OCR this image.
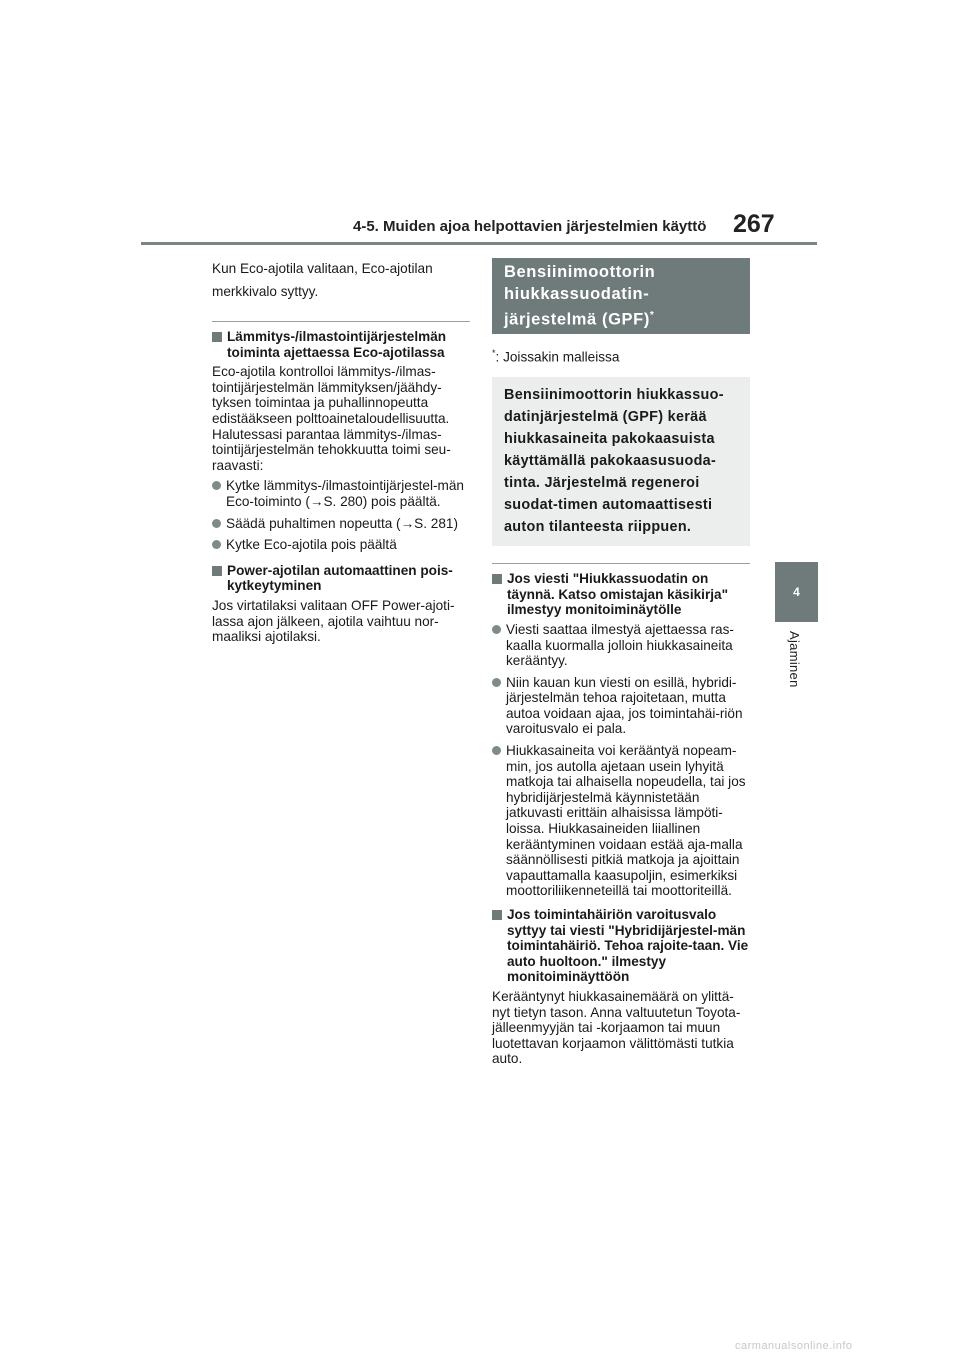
4-5. Muiden ajoa helpottavien järjestelmien käyttö 267
4
Ajaminen
Kun Eco-ajotila valitaan, Eco-ajotilan merkkivalo syttyy.
Lämmitys-/ilmastointijärjestelmän toiminta ajettaessa Eco-ajotilassa
Eco-ajotila kontrolloi lämmitys-/ilmas-tointijärjestelmän lämmityksen/jäähdy-tyksen toimintaa ja puhallinnopeutta edistääkseen polttoainetaloudellisuutta. Halutessasi parantaa lämmitys-/ilmas-tointijärjestelmän tehokkuutta toimi seu-raavasti:
Kytke lämmitys-/ilmastointijärjestel-män Eco-toiminto (→S. 280) pois päältä.
Säädä puhaltimen nopeutta (→S. 281)
Kytke Eco-ajotila pois päältä
Power-ajotilan automaattinen pois-kytkeytyminen
Jos virtatilaksi valitaan OFF Power-ajoti-lassa ajon jälkeen, ajotila vaihtuu nor-maaliksi ajotilaksi.
Bensiinimoottorin hiukkassuodatin-järjestelmä (GPF)*
*: Joissakin malleissa
Bensiinimoottorin hiukkassuo-datinjärjestelmä (GPF) kerää hiukkasaineita pakokaasuista käyttämällä pakokaasusuoda-tinta. Järjestelmä regeneroi suodat-timen automaattisesti auton tilanteesta riippuen.
Jos viesti "Hiukkassuodatin on täynnä. Katso omistajan käsikirja" ilmestyy monitoiminäytölle
Viesti saattaa ilmestyä ajettaessa ras-kaalla kuormalla jolloin hiukkasaineita kerääntyy.
Niin kauan kun viesti on esillä, hybridi-järjestelmän tehoa rajoitetaan, mutta autoa voidaan ajaa, jos toimintahäi-riön varoitusvalo ei pala.
Hiukkasaineita voi kerääntyä nopeam-min, jos autolla ajetaan usein lyhyitä matkoja tai alhaisella nopeudella, tai jos hybridijärjestelmä käynnistetään jatkuvasti erittäin alhaisissa lämpöti-loissa. Hiukkasaineiden liiallinen kerääntyminen voidaan estää aja-malla säännöllisesti pitkiä matkoja ja ajoittain vapauttamalla kaasupoljin, esimerkiksi moottoriliikenneteillä tai moottoriteillä.
Jos toimintahäiriön varoitusvalo syttyy tai viesti "Hybridijärjestel-män toimintahäiriö. Tehoa rajoite-taan. Vie auto huoltoon." ilmestyy monitoiminäyttöön
Kerääntynyt hiukkasainemäärä on ylittä-nyt tietyn tason. Anna valtuutetun Toyota-jälleenmyyjän tai -korjaamon tai muun luotettavan korjaamon välittömästi tutkia auto.
carmanualsonline.info
